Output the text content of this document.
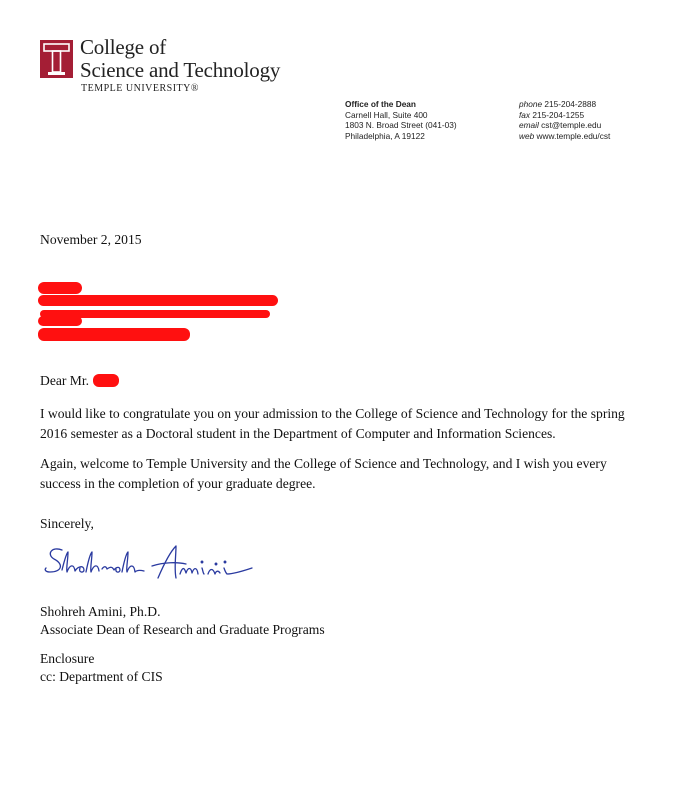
College of
Science and Technology
TEMPLE UNIVERSITY®
Office of the Dean
Carnell Hall, Suite 400
1803 N. Broad Street (041-03)
Philadelphia, A 19122
phone 215-204-2888
fax 215-204-1255
email cst@temple.edu
web www.temple.edu/cst
November 2, 2015
Dear Mr.
I would like to congratulate you on your admission to the College of Science and Technology for the spring 2016 semester as a Doctoral student in the Department of Computer and Information Sciences.
Again, welcome to Temple University and the College of Science and Technology, and I wish you every success in the completion of your graduate degree.
Sincerely,
Shohreh Amini, Ph.D.
Associate Dean of Research and Graduate Programs
Enclosure
cc: Department of CIS
